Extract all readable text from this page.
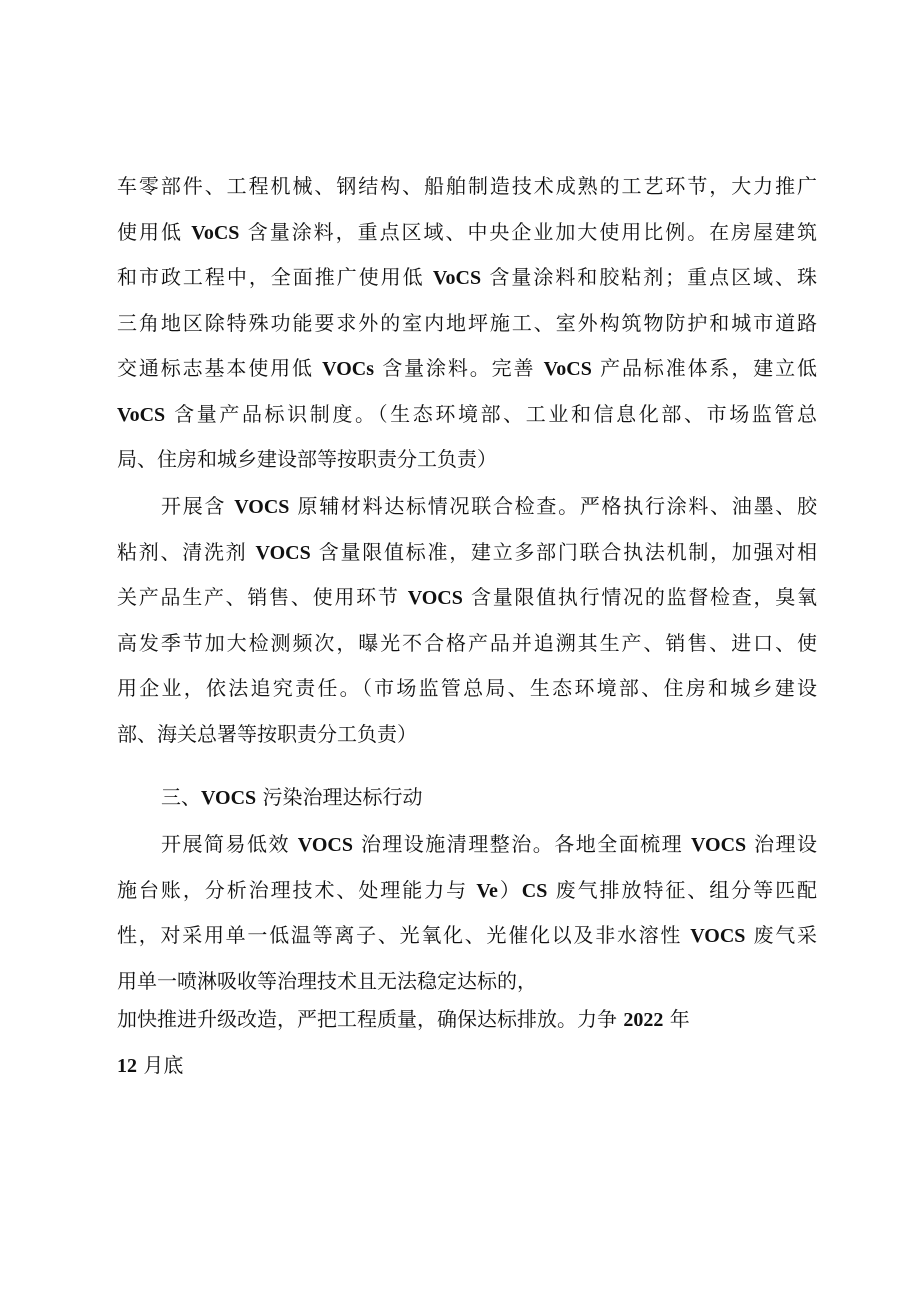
车零部件、工程机械、钢结构、船舶制造技术成熟的工艺环节，大力推广
使用低 VoCS 含量涂料，重点区域、中央企业加大使用比例。在房屋建筑
和市政工程中，全面推广使用低 VoCS 含量涂料和胶粘剂；重点区域、珠
三角地区除特殊功能要求外的室内地坪施工、室外构筑物防护和城市道路
交通标志基本使用低 VOCs 含量涂料。完善 VoCS 产品标准体系，建立低
VoCS 含量产品标识制度。（生态环境部、工业和信息化部、市场监管总
局、住房和城乡建设部等按职责分工负责）
开展含 VOCS 原辅材料达标情况联合检查。严格执行涂料、油墨、胶
粘剂、清洗剂 VOCS 含量限值标准，建立多部门联合执法机制，加强对相
关产品生产、销售、使用环节 VOCS 含量限值执行情况的监督检查，臭氧
高发季节加大检测频次，曝光不合格产品并追溯其生产、销售、进口、使
用企业，依法追究责任。（市场监管总局、生态环境部、住房和城乡建设
部、海关总署等按职责分工负责）
三、VOCS 污染治理达标行动
开展简易低效 VOCS 治理设施清理整治。各地全面梳理 VOCS 治理设
施台账，分析治理技术、处理能力与 Ve）CS 废气排放特征、组分等匹配
性，对采用单一低温等离子、光氧化、光催化以及非水溶性 VOCS 废气采
用单一喷淋吸收等治理技术且无法稳定达标的，
加快推进升级改造，严把工程质量，确保达标排放。力争 2022 年
12 月底
